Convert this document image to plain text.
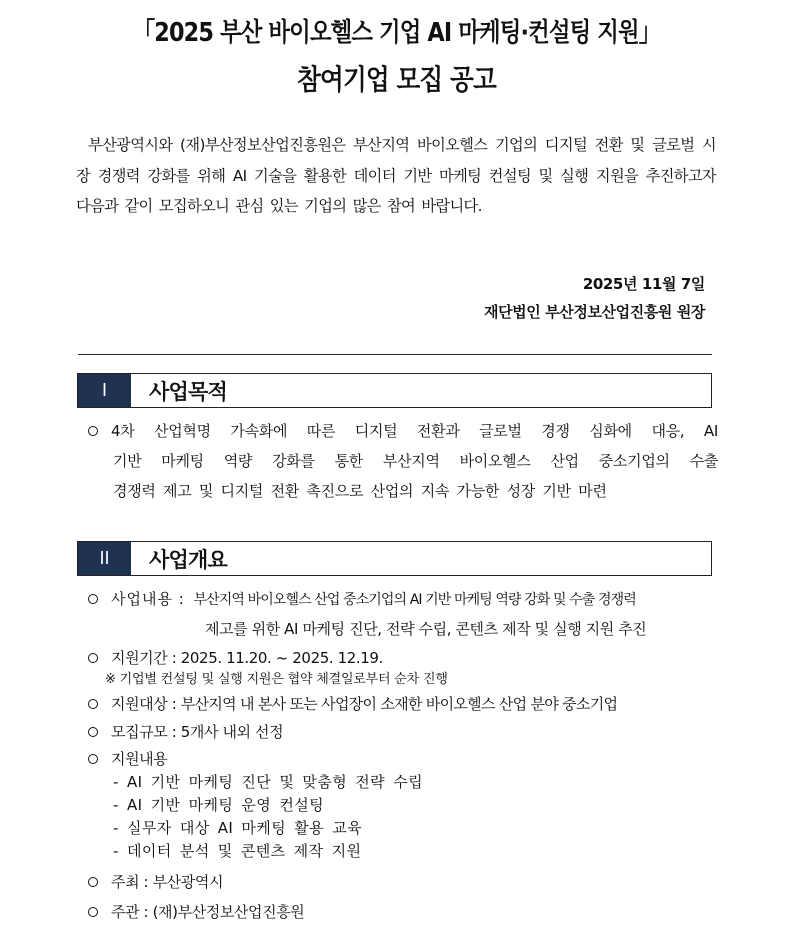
「2025 부산 바이오헬스 기업 AI 마케팅·컨설팅 지원」
참여기업 모집 공고
부산광역시와 (재)부산정보산업진흥원은 부산지역 바이오헬스 기업의 디지털 전환 및 글로벌 시장 경쟁력 강화를 위해 AI 기술을 활용한 데이터 기반 마케팅 컨설팅 및 실행 지원을 추진하고자 다음과 같이 모집하오니 관심 있는 기업의 많은 참여 바랍니다.
2025년 11월 7일
재단법인 부산정보산업진흥원 원장
I	사업목적
4차 산업혁명 가속화에 따른 디지털 전환과 글로벌 경쟁 심화에 대응, AI
기반 마케팅 역량 강화를 통한 부산지역 바이오헬스 산업 중소기업의 수출
경쟁력 제고 및 디지털 전환 촉진으로 산업의 지속 가능한 성장 기반 마련
II	사업개요
사업내용 : 부산지역 바이오헬스 산업 중소기업의 AI 기반 마케팅 역량 강화 및 수출 경쟁력
제고를 위한 AI 마케팅 진단, 전략 수립, 콘텐츠 제작 및 실행 지원 추진
지원기간 : 2025. 11.20. ~ 2025. 12.19.
※ 기업별 컨설팅 및 실행 지원은 협약 체결일로부터 순차 진행
지원대상 : 부산지역 내 본사 또는 사업장이 소재한 바이오헬스 산업 분야 중소기업
모집규모 : 5개사 내외 선정
지원내용
- AI 기반 마케팅 진단 및 맞춤형 전략 수립
- AI 기반 마케팅 운영 컨설팅
- 실무자 대상 AI 마케팅 활용 교육
- 데이터 분석 및 콘텐츠 제작 지원
주최 : 부산광역시
주관 : (재)부산정보산업진흥원
